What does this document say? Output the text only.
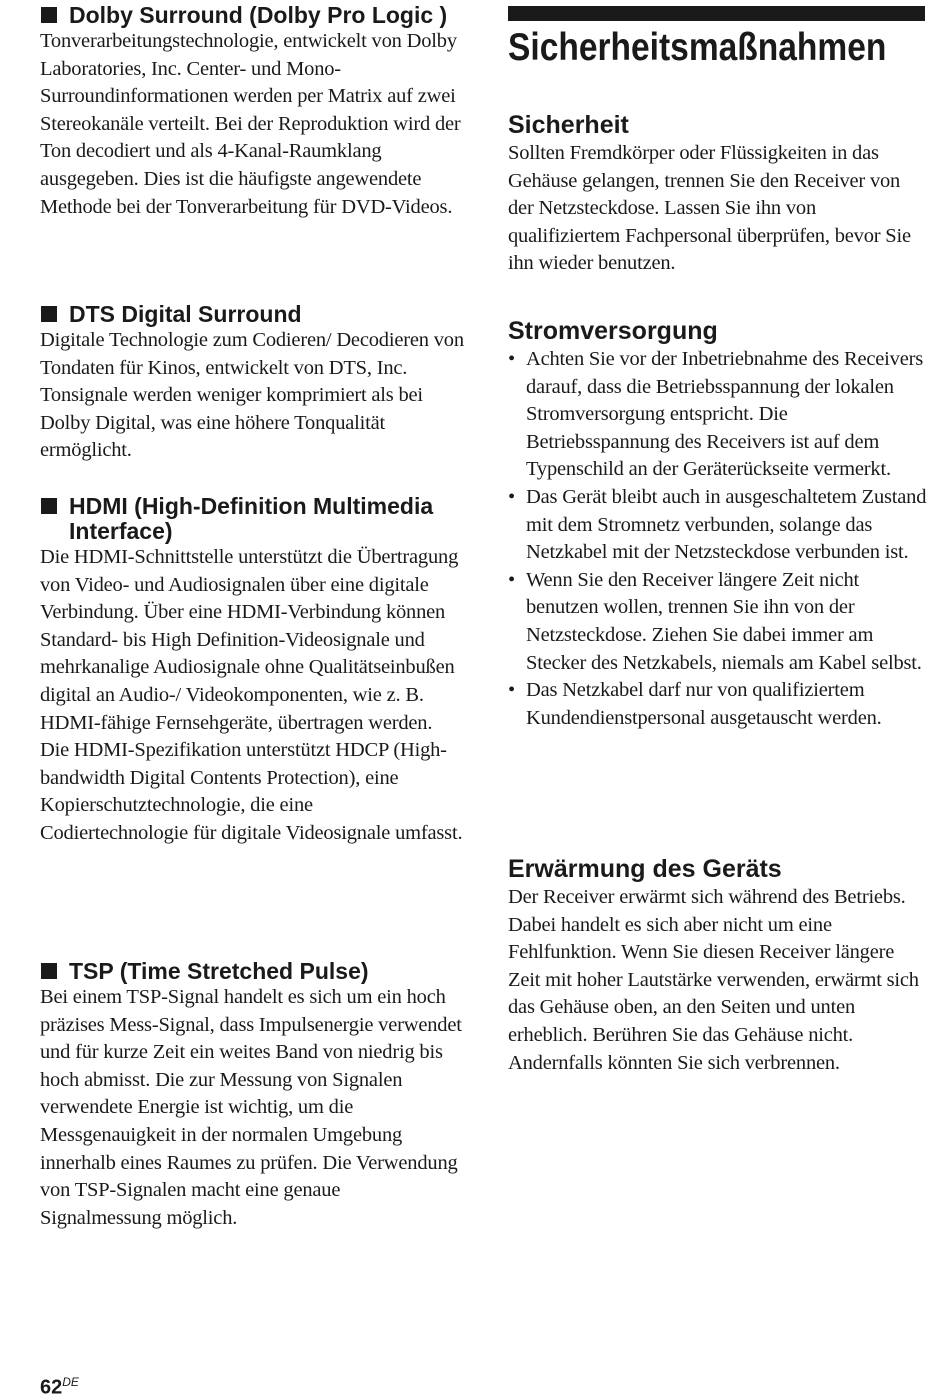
Dolby Surround (Dolby Pro Logic )

Tonverarbeitungstechnologie, entwickelt von Dolby Laboratories, Inc. Center- und Mono-Surroundinformationen werden per Matrix auf zwei Stereokanäle verteilt. Bei der Reproduktion wird der Ton decodiert und als 4-Kanal-Raumklang ausgegeben. Dies ist die häufigste angewendete Methode bei der Tonverarbeitung für DVD-Videos.

DTS Digital Surround

Digitale Technologie zum Codieren/ Decodieren von Tondaten für Kinos, entwickelt von DTS, Inc. Tonsignale werden weniger komprimiert als bei Dolby Digital, was eine höhere Tonqualität ermöglicht.

HDMI (High-Definition Multimedia Interface)

Die HDMI-Schnittstelle unterstützt die Übertragung von Video- und Audiosignalen über eine digitale Verbindung. Über eine HDMI-Verbindung können Standard- bis High Definition-Videosignale und mehrkanalige Audiosignale ohne Qualitätseinbußen digital an Audio-/ Videokomponenten, wie z. B. HDMI-fähige Fernsehgeräte, übertragen werden. Die HDMI-Spezifikation unterstützt HDCP (High-bandwidth Digital Contents Protection), eine Kopierschutztechnologie, die eine Codiertechnologie für digitale Videosignale umfasst.

TSP (Time Stretched Pulse)

Bei einem TSP-Signal handelt es sich um ein hoch präzises Mess-Signal, dass Impulsenergie verwendet und für kurze Zeit ein weites Band von niedrig bis hoch abmisst. Die zur Messung von Signalen verwendete Energie ist wichtig, um die Messgenauigkeit in der normalen Umgebung innerhalb eines Raumes zu prüfen. Die Verwendung von TSP-Signalen macht eine genaue Signalmessung möglich.

Sicherheitsmaßnahmen
Sicherheit

Sollten Fremdkörper oder Flüssigkeiten in das Gehäuse gelangen, trennen Sie den Receiver von der Netzsteckdose. Lassen Sie ihn von qualifiziertem Fachpersonal überprüfen, bevor Sie ihn wieder benutzen.

Stromversorgung
• Achten Sie vor der Inbetriebnahme des Receivers darauf, dass die Betriebsspannung der lokalen Stromversorgung entspricht. Die Betriebsspannung des Receivers ist auf dem Typenschild an der Geräterückseite vermerkt.
• Das Gerät bleibt auch in ausgeschaltetem Zustand mit dem Stromnetz verbunden, solange das Netzkabel mit der Netzsteckdose verbunden ist.
• Wenn Sie den Receiver längere Zeit nicht benutzen wollen, trennen Sie ihn von der Netzsteckdose. Ziehen Sie dabei immer am Stecker des Netzkabels, niemals am Kabel selbst.
• Das Netzkabel darf nur von qualifiziertem Kundendienstpersonal ausgetauscht werden.
Erwärmung des Geräts

Der Receiver erwärmt sich während des Betriebs. Dabei handelt es sich aber nicht um eine Fehlfunktion. Wenn Sie diesen Receiver längere Zeit mit hoher Lautstärke verwenden, erwärmt sich das Gehäuse oben, an den Seiten und unten erheblich. Berühren Sie das Gehäuse nicht. Andernfalls könnten Sie sich verbrennen.

62DE
